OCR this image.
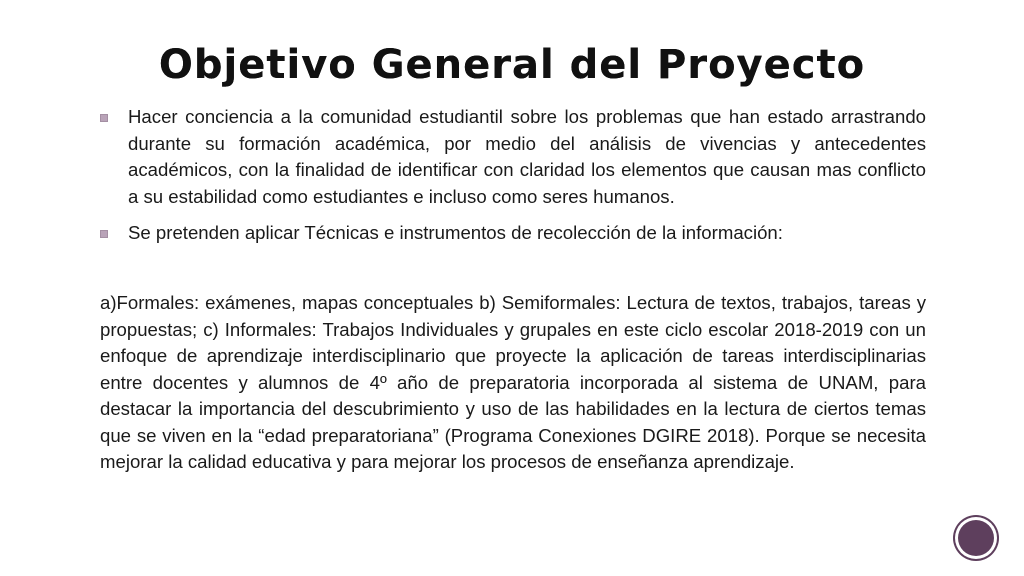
Objetivo General del Proyecto
Hacer conciencia a la comunidad estudiantil sobre los problemas que han estado arrastrando durante su formación académica, por medio del análisis de vivencias y antecedentes académicos, con la finalidad de identificar con claridad los elementos que causan mas conflicto a su estabilidad como estudiantes e incluso como seres humanos.
Se pretenden aplicar Técnicas e instrumentos de recolección de la información:

a)Formales: exámenes, mapas conceptuales b) Semiformales: Lectura de textos, trabajos, tareas y propuestas; c) Informales: Trabajos Individuales y grupales en este ciclo escolar 2018-2019 con un enfoque de aprendizaje interdisciplinario que proyecte la aplicación de tareas interdisciplinarias entre docentes y alumnos de 4º año de preparatoria incorporada al sistema de UNAM, para destacar la importancia del descubrimiento y uso de las habilidades en la lectura de ciertos temas que se viven en la “edad preparatoriana” (Programa Conexiones DGIRE 2018). Porque se necesita mejorar la calidad educativa y para mejorar los procesos de enseñanza aprendizaje.
